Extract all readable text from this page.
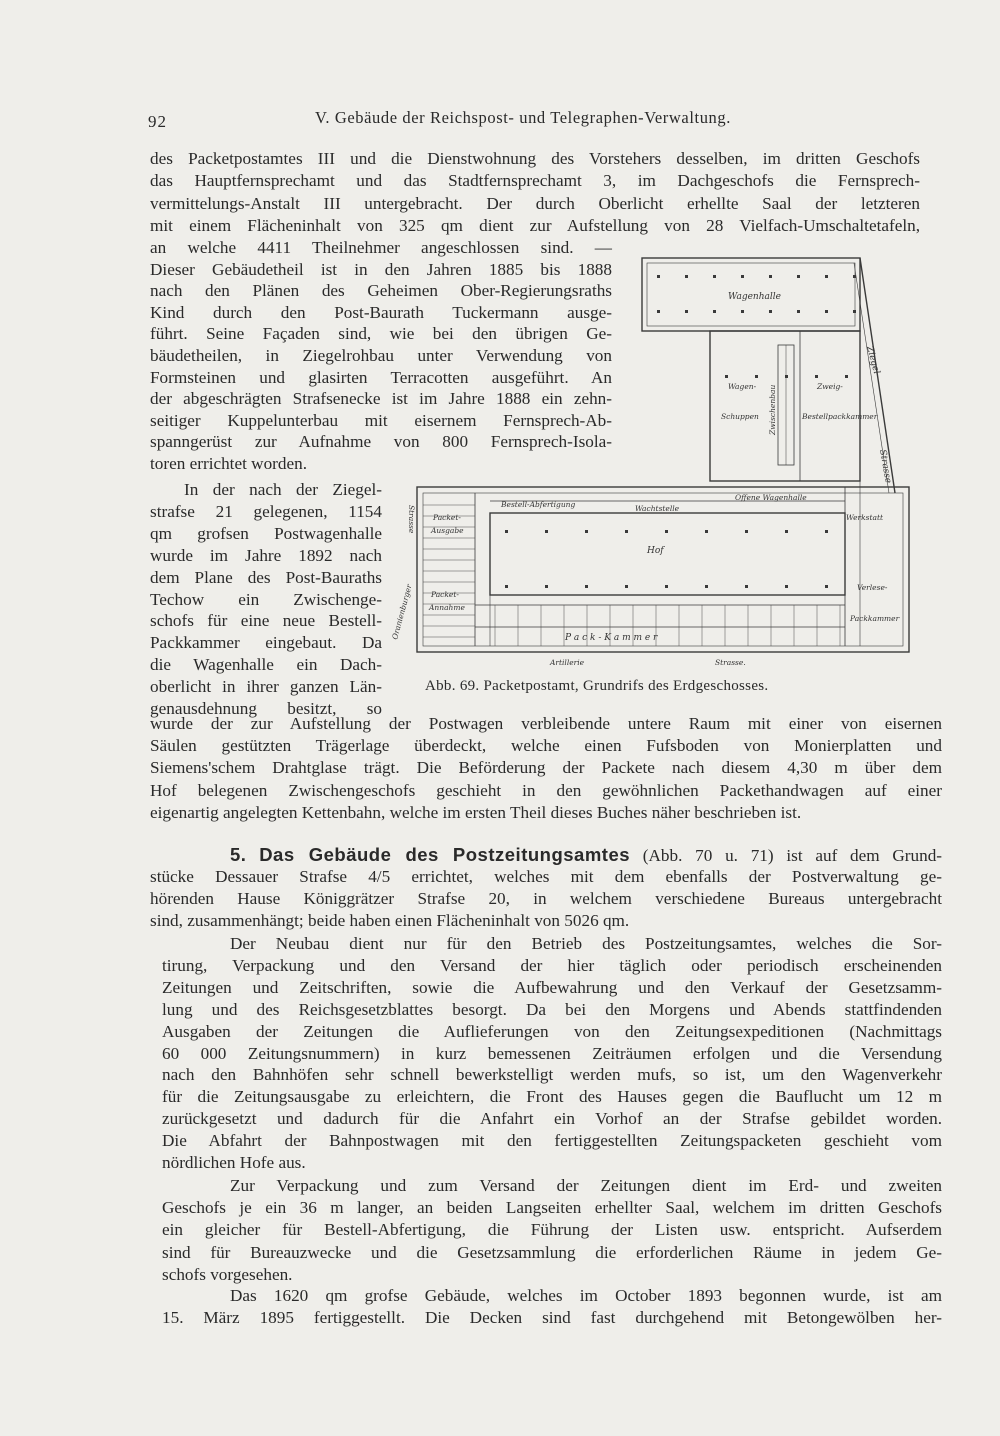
92	V. Gebäude der Reichspost- und Telegraphen-Verwaltung.
des Packetpostamtes III und die Dienstwohnung des Vorstehers desselben, im dritten Geschofs
das Hauptfernsprechamt und das Stadtfernsprechamt 3, im Dachgeschofs die Fernsprech-
vermittelungs-Anstalt III untergebracht. Der durch Oberlicht erhellte Saal der letzteren
mit einem Flächeninhalt von 325 qm dient zur Aufstellung von 28 Vielfach-Umschaltetafeln,
an welche 4411 Theilnehmer angeschlossen sind. —
Dieser Gebäudetheil ist in den Jahren 1885 bis 1888
nach den Plänen des Geheimen Ober-Regierungsraths
Kind durch den Post-Baurath Tuckermann ausge-
führt. Seine Façaden sind, wie bei den übrigen Ge-
bäudetheilen, in Ziegelrohbau unter Verwendung von
Formsteinen und glasirten Terracotten ausgeführt. An
der abgeschrägten Strafsenecke ist im Jahre 1888 ein zehn-
seitiger Kuppelunterbau mit eisernem Fernsprech-Ab-
spanngerüst zur Aufnahme von 800 Fernsprech-Isola-
toren errichtet worden.
In der nach der Ziegel-
strafse 21 gelegenen, 1154
qm grofsen Postwagenhalle
wurde im Jahre 1892 nach
dem Plane des Post-Bauraths
Techow ein Zwischenge-
schofs für eine neue Bestell-
Packkammer eingebaut. Da
die Wagenhalle ein Dach-
oberlicht in ihrer ganzen Län-
genausdehnung besitzt, so
wurde der zur Aufstellung der Postwagen verbleibende untere Raum mit einer von eisernen
Säulen gestützten Trägerlage überdeckt, welche einen Fufsboden von Monierplatten und
Siemens'schem Drahtglase trägt. Die Beförderung der Packete nach diesem 4,30 m über dem
Hof belegenen Zwischengeschofs geschieht in den gewöhnlichen Packethandwagen auf einer
eigenartig angelegten Kettenbahn, welche im ersten Theil dieses Buches näher beschrieben ist.
5. Das Gebäude des Postzeitungsamtes (Abb. 70 u. 71) ist auf dem Grund-
stücke Dessauer Strafse 4/5 errichtet, welches mit dem ebenfalls der Postverwaltung ge-
hörenden Hause Königgrätzer Strafse 20, in welchem verschiedene Bureaus untergebracht
sind, zusammenhängt; beide haben einen Flächeninhalt von 5026 qm.
Der Neubau dient nur für den Betrieb des Postzeitungsamtes, welches die Sor-
tirung, Verpackung und den Versand der hier täglich oder periodisch erscheinenden
Zeitungen und Zeitschriften, sowie die Aufbewahrung und den Verkauf der Gesetzsamm-
lung und des Reichsgesetzblattes besorgt. Da bei den Morgens und Abends stattfindenden
Ausgaben der Zeitungen die Auflieferungen von den Zeitungsexpeditionen (Nachmittags
60 000 Zeitungsnummern) in kurz bemessenen Zeiträumen erfolgen und die Versendung
nach den Bahnhöfen sehr schnell bewerkstelligt werden mufs, so ist, um den Wagenverkehr
für die Zeitungsausgabe zu erleichtern, die Front des Hauses gegen die Bauflucht um 12 m
zurückgesetzt und dadurch für die Anfahrt ein Vorhof an der Strafse gebildet worden.
Die Abfahrt der Bahnpostwagen mit den fertiggestellten Zeitungspacketen geschieht vom
nördlichen Hofe aus.
Zur Verpackung und zum Versand der Zeitungen dient im Erd- und zweiten
Geschofs je ein 36 m langer, an beiden Langseiten erhellter Saal, welchem im dritten Geschofs
ein gleicher für Bestell-Abfertigung, die Führung der Listen usw. entspricht. Aufserdem
sind für Bureauzwecke und die Gesetzsammlung die erforderlichen Räume in jedem Ge-
schofs vorgesehen.
Das 1620 qm grofse Gebäude, welches im October 1893 begonnen wurde, ist am
15. März 1895 fertiggestellt. Die Decken sind fast durchgehend mit Betongewölben her-
Wagenhalle
Wagen-
Schuppen
Zweig-
Bestellpackkammer
Zwischenbau
Ziegel
Strasse
Bestell-Abfertigung	Wachtstelle
Offene Wagenhalle
Werkstatt
Hof
Packet-
Ausgabe
Packet-
Annahme
Strasse
Oranienburger	Verlese-
Packkammer
P a c k - K a m m e r
Artillerie	Strasse.
Abb. 69. Packetpostamt, Grundrifs des Erdgeschosses.
